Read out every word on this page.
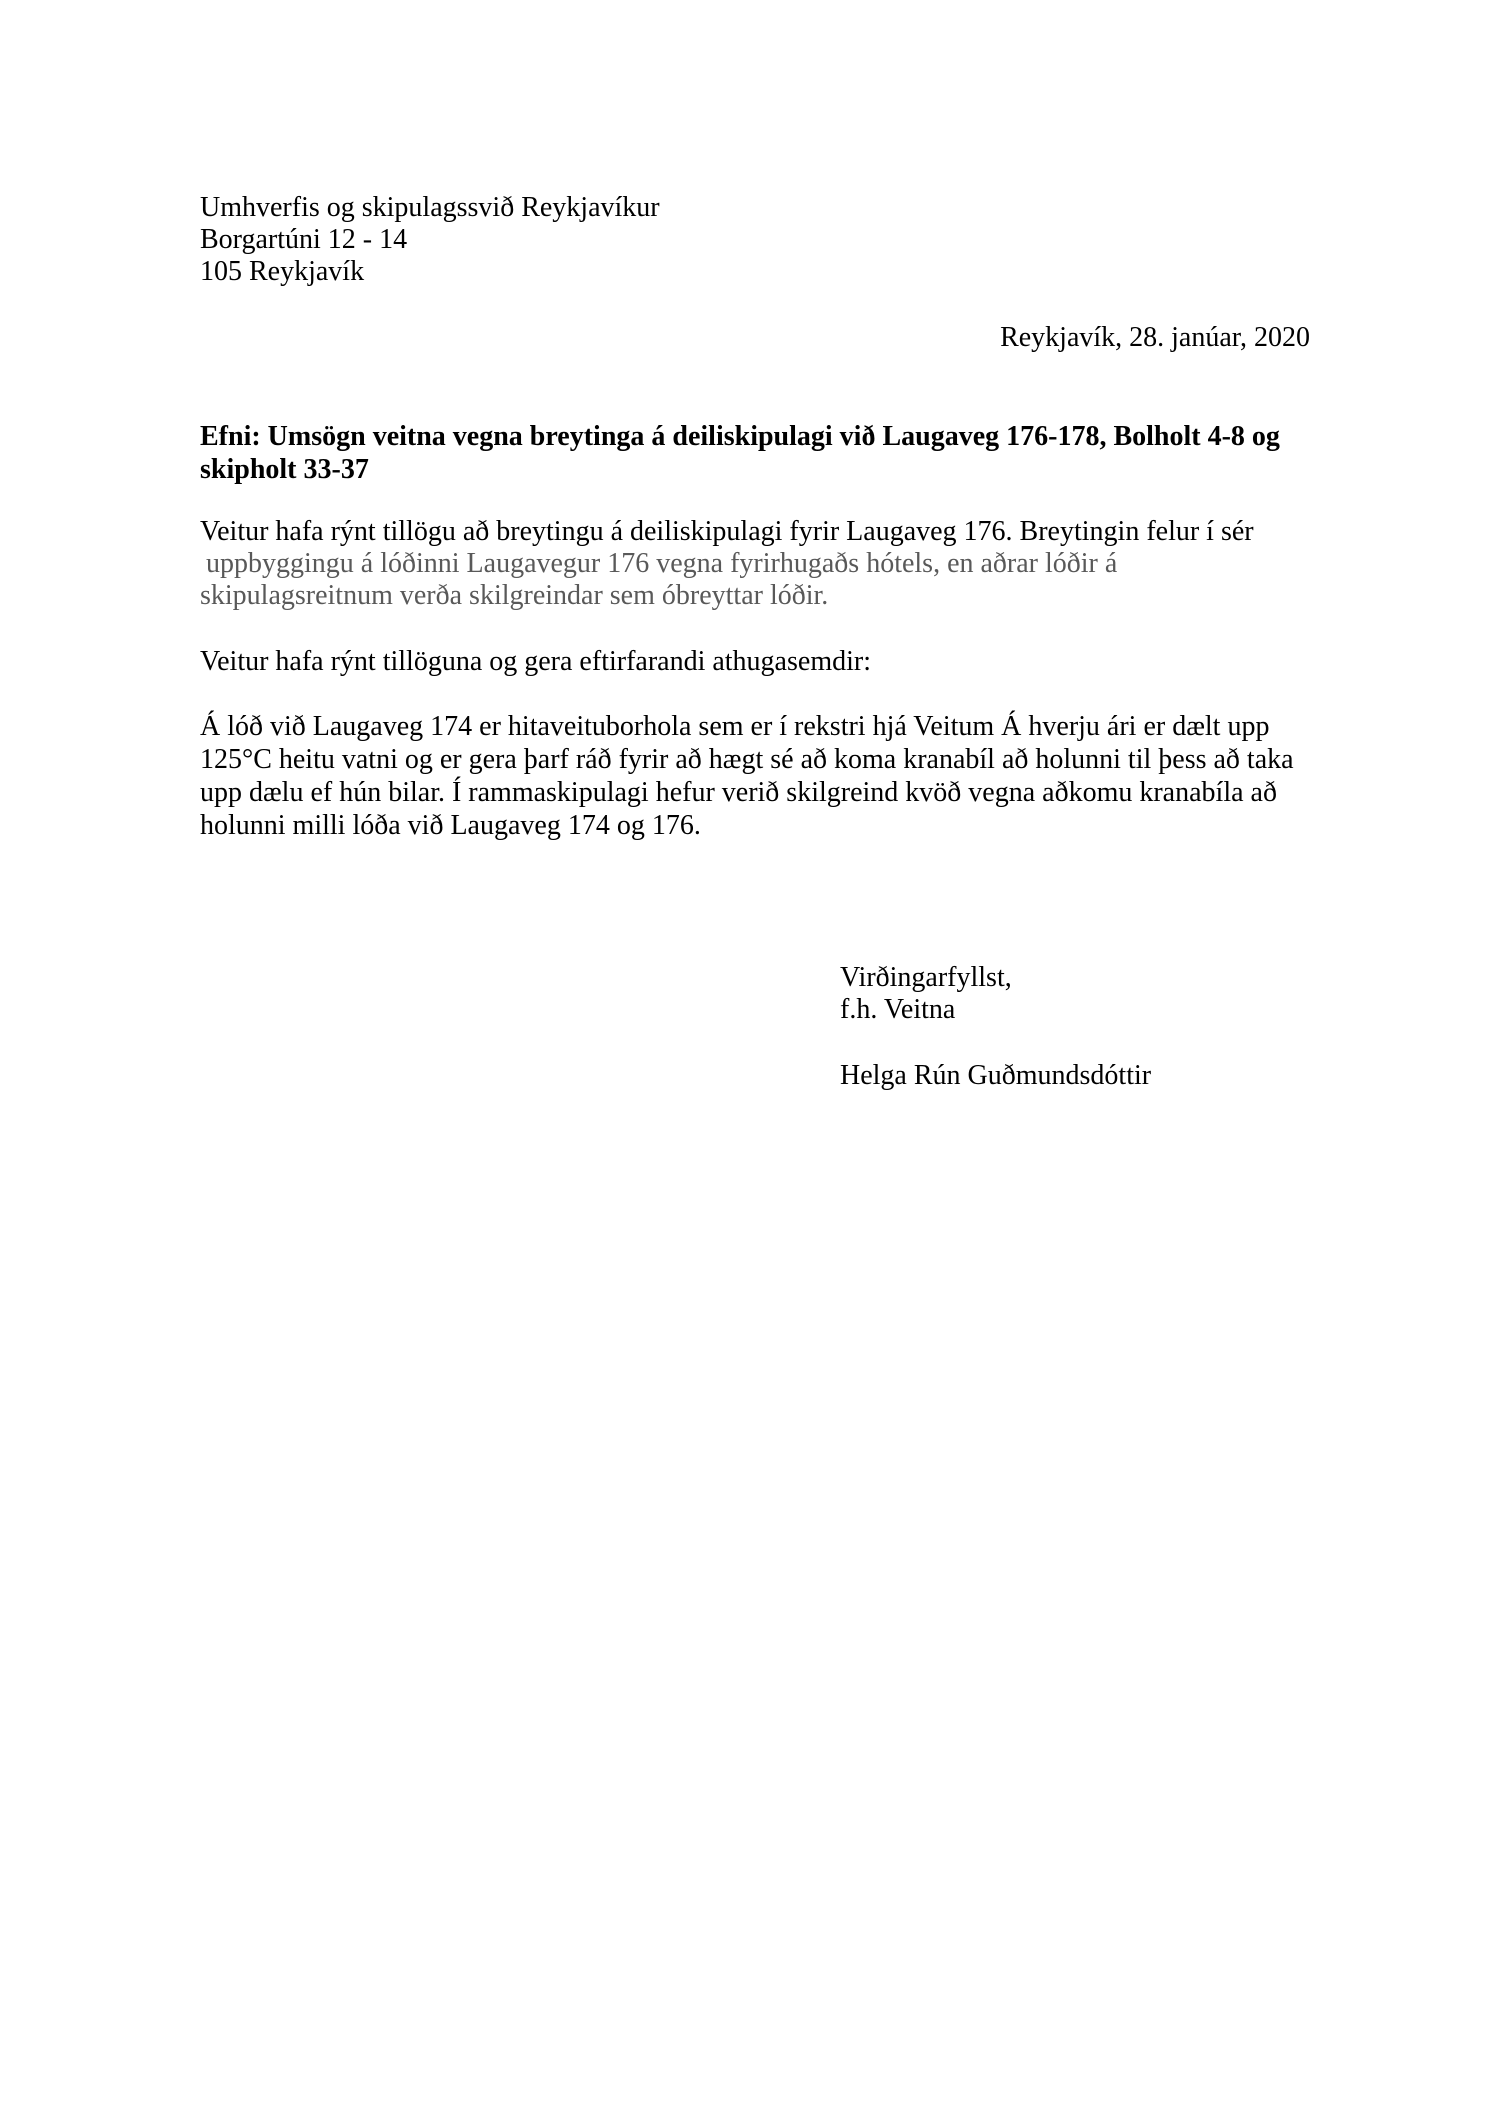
Umhverfis og skipulagssvið Reykjavíkur
Borgartúni 12 - 14
105 Reykjavík
Reykjavík, 28. janúar, 2020
Efni: Umsögn veitna vegna breytinga á deiliskipulagi við Laugaveg 176-178, Bolholt 4-8 og
skipholt 33-37
Veitur hafa rýnt tillögu að breytingu á deiliskipulagi fyrir Laugaveg 176. Breytingin felur í sér
uppbyggingu á lóðinni Laugavegur 176 vegna fyrirhugaðs hótels, en aðrar lóðir á
skipulagsreitnum verða skilgreindar sem óbreyttar lóðir.
Veitur hafa rýnt tillöguna og gera eftirfarandi athugasemdir:
Á lóð við Laugaveg 174 er hitaveituborhola sem er í rekstri hjá Veitum Á hverju ári er dælt upp
125°C heitu vatni og er gera þarf ráð fyrir að hægt sé að koma kranabíl að holunni til þess að taka
upp dælu ef hún bilar. Í rammaskipulagi hefur verið skilgreind kvöð vegna aðkomu kranabíla að
holunni milli lóða við Laugaveg 174 og 176.
Virðingarfyllst,
f.h. Veitna
Helga Rún Guðmundsdóttir
